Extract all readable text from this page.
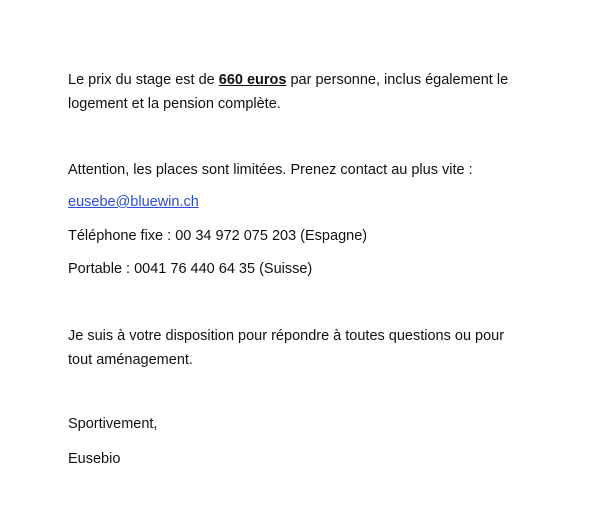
Le prix du stage est de 660 euros par personne, inclus également le
logement et la pension complète.
Attention, les places sont limitées. Prenez contact au plus vite :
eusebe@bluewin.ch
Téléphone fixe : 00 34 972 075 203 (Espagne)
Portable : 0041 76 440 64 35 (Suisse)
Je suis à votre disposition pour répondre à toutes questions ou pour
tout aménagement.
Sportivement,
Eusebio
